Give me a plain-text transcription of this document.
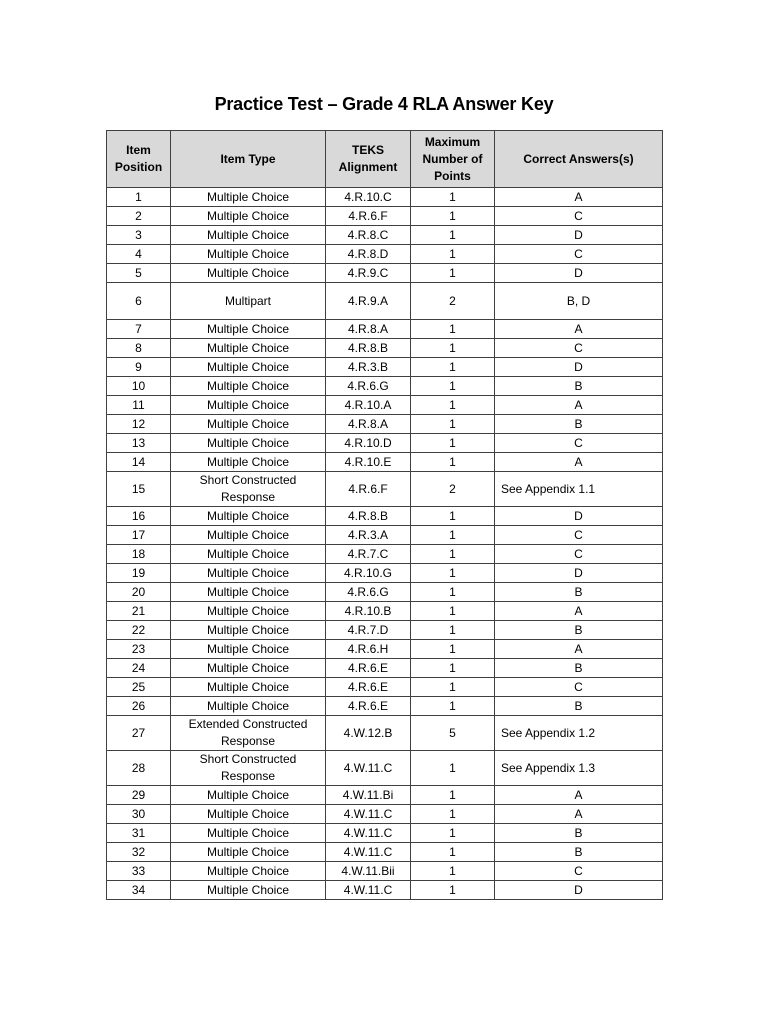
Practice Test – Grade 4 RLA Answer Key
Item Position	Item Type	TEKS Alignment	Maximum Number of Points	Correct Answers(s)
1	Multiple Choice	4.R.10.C	1	A
2	Multiple Choice	4.R.6.F	1	C
3	Multiple Choice	4.R.8.C	1	D
4	Multiple Choice	4.R.8.D	1	C
5	Multiple Choice	4.R.9.C	1	D
6	Multipart	4.R.9.A	2	B, D
7	Multiple Choice	4.R.8.A	1	A
8	Multiple Choice	4.R.8.B	1	C
9	Multiple Choice	4.R.3.B	1	D
10	Multiple Choice	4.R.6.G	1	B
11	Multiple Choice	4.R.10.A	1	A
12	Multiple Choice	4.R.8.A	1	B
13	Multiple Choice	4.R.10.D	1	C
14	Multiple Choice	4.R.10.E	1	A
15	Short Constructed Response	4.R.6.F	2	See Appendix 1.1
16	Multiple Choice	4.R.8.B	1	D
17	Multiple Choice	4.R.3.A	1	C
18	Multiple Choice	4.R.7.C	1	C
19	Multiple Choice	4.R.10.G	1	D
20	Multiple Choice	4.R.6.G	1	B
21	Multiple Choice	4.R.10.B	1	A
22	Multiple Choice	4.R.7.D	1	B
23	Multiple Choice	4.R.6.H	1	A
24	Multiple Choice	4.R.6.E	1	B
25	Multiple Choice	4.R.6.E	1	C
26	Multiple Choice	4.R.6.E	1	B
27	Extended Constructed Response	4.W.12.B	5	See Appendix 1.2
28	Short Constructed Response	4.W.11.C	1	See Appendix 1.3
29	Multiple Choice	4.W.11.Bi	1	A
30	Multiple Choice	4.W.11.C	1	A
31	Multiple Choice	4.W.11.C	1	B
32	Multiple Choice	4.W.11.C	1	B
33	Multiple Choice	4.W.11.Bii	1	C
34	Multiple Choice	4.W.11.C	1	D
